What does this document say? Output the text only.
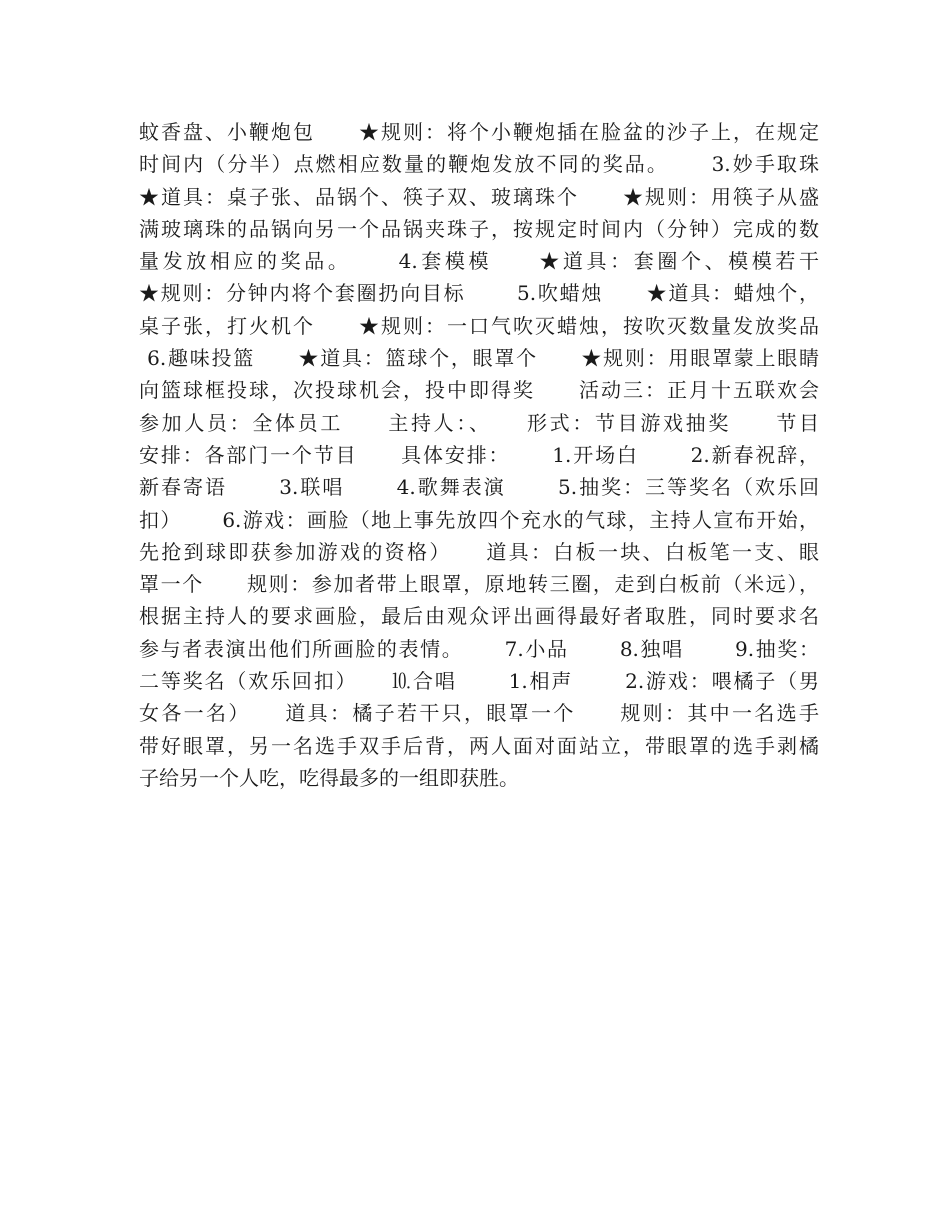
蚊香盘、小鞭炮包　　★规则：将个小鞭炮插在脸盆的沙子上，在规定
时间内（分半）点燃相应数量的鞭炮发放不同的奖品。　　 3.妙手取珠
★道具：桌子张、品锅个、筷子双、玻璃珠个　　★规则：用筷子从盛
满玻璃珠的品锅向另一个品锅夹珠子，按规定时间内（分钟）完成的数
量发放相应的奖品。　　 4.套模模　　★道具：套圈个、模模若干
★规则：分钟内将个套圈扔向目标　　 5.吹蜡烛　　★道具：蜡烛个，
桌子张，打火机个　　★规则：一口气吹灭蜡烛，按吹灭数量发放奖品
6.趣味投篮　　★道具：篮球个，眼罩个　　★规则：用眼罩蒙上眼睛
向篮球框投球，次投球机会，投中即得奖　　活动三：正月十五联欢会
参加人员：全体员工　　主持人：、　　形式：节目游戏抽奖　　节目
安排：各部门一个节目　　具体安排：　　 1.开场白　　 2.新春祝辞，
新春寄语　　 3.联唱　　 4.歌舞表演　　 5.抽奖：三等奖名（欢乐回
扣）　　 6.游戏：画脸（地上事先放四个充水的气球，主持人宣布开始，
先抢到球即获参加游戏的资格）　　道具：白板一块、白板笔一支、眼
罩一个　　规则：参加者带上眼罩，原地转三圈，走到白板前（米远），
根据主持人的要求画脸，最后由观众评出画得最好者取胜，同时要求名
参与者表演出他们所画脸的表情。　　 7.小品　　 8.独唱　　 9.抽奖：
二等奖名（欢乐回扣）　　⒑合唱　　 1.相声　　 2.游戏：喂橘子（男
女各一名）　　道具：橘子若干只，眼罩一个　　规则：其中一名选手
带好眼罩，另一名选手双手后背，两人面对面站立，带眼罩的选手剥橘
子给另一个人吃，吃得最多的一组即获胜。
